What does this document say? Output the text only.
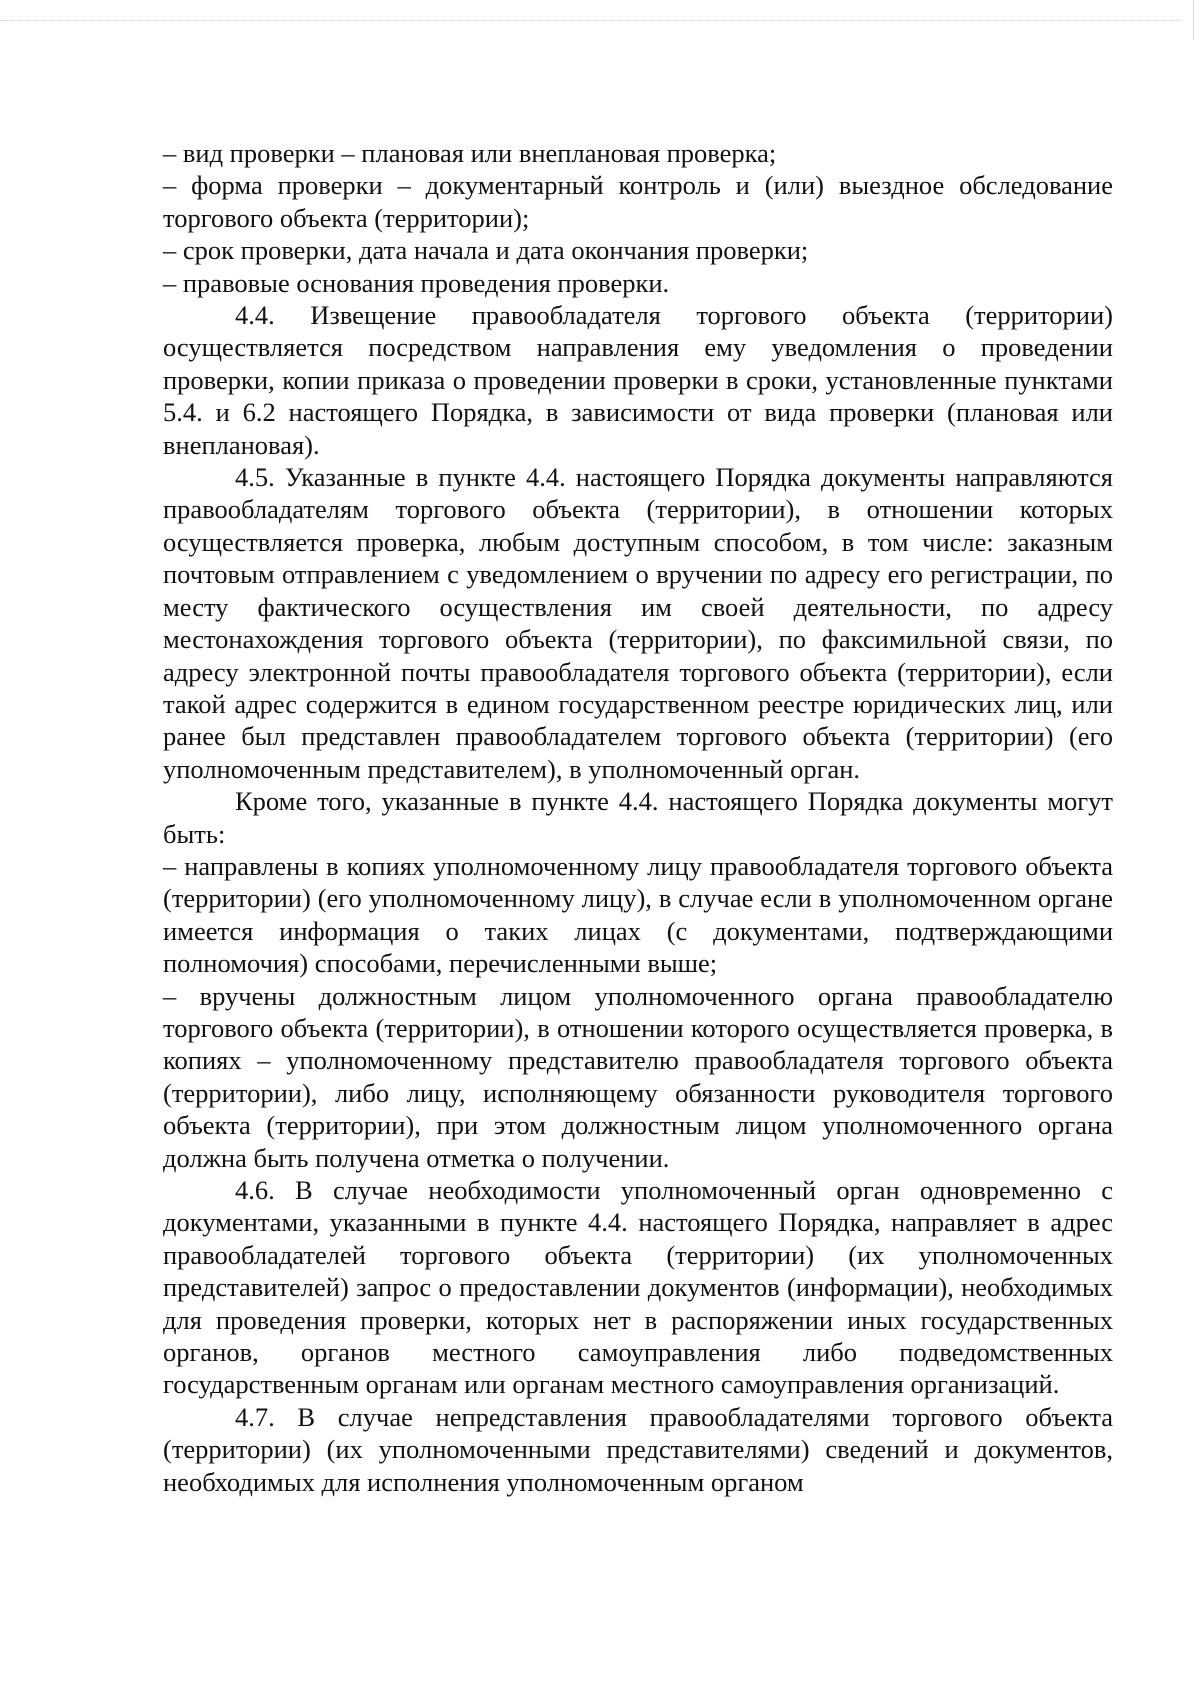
– вид проверки – плановая или внеплановая проверка;

– форма проверки – документарный контроль и (или) выездное обследование торгового объекта (территории);

– срок проверки, дата начала и дата окончания проверки;

– правовые основания проведения проверки.

4.4. Извещение правообладателя торгового объекта (территории) осуществляется посредством направления ему уведомления о проведении проверки, копии приказа о проведении проверки в сроки, установленные пунктами 5.4. и 6.2 настоящего Порядка, в зависимости от вида проверки (плановая или внеплановая).

4.5. Указанные в пункте 4.4. настоящего Порядка документы направляются правообладателям торгового объекта (территории), в отношении которых осуществляется проверка, любым доступным способом, в том числе: заказным почтовым отправлением с уведомлением о вручении по адресу его регистрации, по месту фактического осуществления им своей деятельности, по адресу местонахождения торгового объекта (территории), по факсимильной связи, по адресу электронной почты правообладателя торгового объекта (территории), если такой адрес содержится в едином государственном реестре юридических лиц, или ранее был представлен правообладателем торгового объекта (территории) (его уполномоченным представителем), в уполномоченный орган.

Кроме того, указанные в пункте 4.4. настоящего Порядка документы могут быть:

– направлены в копиях уполномоченному лицу правообладателя торгового объекта (территории) (его уполномоченному лицу), в случае если в уполномоченном органе имеется информация о таких лицах (с документами, подтверждающими полномочия) способами, перечисленными выше;

– вручены должностным лицом уполномоченного органа правообладателю торгового объекта (территории), в отношении которого осуществляется проверка, в копиях – уполномоченному представителю правообладателя торгового объекта (территории), либо лицу, исполняющему обязанности руководителя торгового объекта (территории), при этом должностным лицом уполномоченного органа должна быть получена отметка о получении.

4.6. В случае необходимости уполномоченный орган одновременно с документами, указанными в пункте 4.4. настоящего Порядка, направляет в адрес правообладателей торгового объекта (территории) (их уполномоченных представителей) запрос о предоставлении документов (информации), необходимых для проведения проверки, которых нет в распоряжении иных государственных органов, органов местного самоуправления либо подведомственных государственным органам или органам местного самоуправления организаций.

4.7. В случае непредставления правообладателями торгового объекта (территории) (их уполномоченными представителями) сведений и документов, необходимых для исполнения уполномоченным органом
